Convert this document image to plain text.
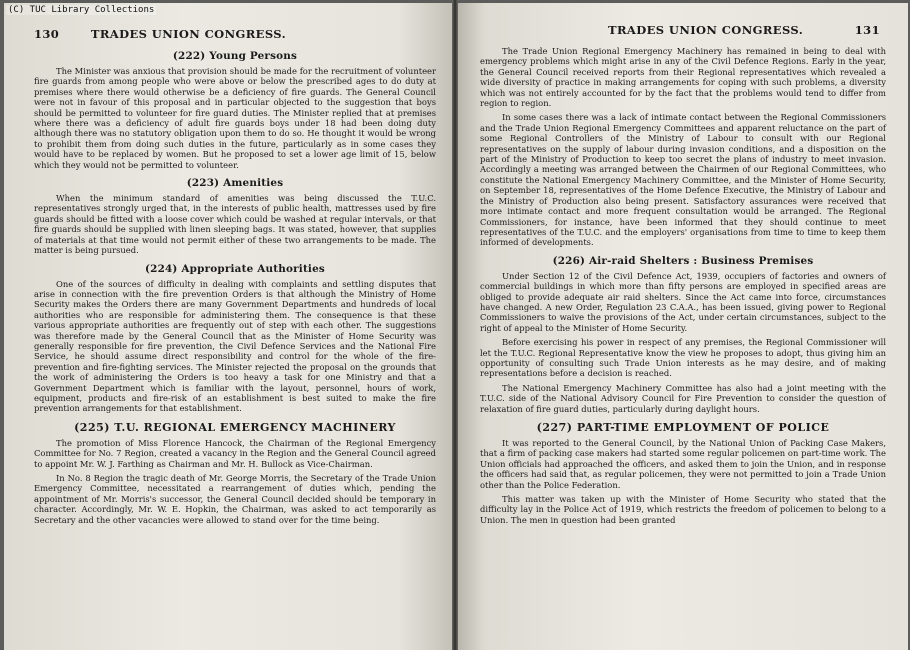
130	TRADES UNION CONGRESS.
(222) Young Persons

The Minister was anxious that provision should be made for the recruitment of volunteer fire guards from among people who were above or below the prescribed ages to do duty at premises where there would otherwise be a deficiency of fire guards. The General Council were not in favour of this proposal and in particular objected to the suggestion that boys should be permitted to volunteer for fire guard duties. The Minister replied that at premises where there was a deficiency of adult fire guards boys under 18 had been doing duty although there was no statutory obligation upon them to do so. He thought it would be wrong to prohibit them from doing such duties in the future, particularly as in some cases they would have to be replaced by women. But he proposed to set a lower age limit of 15, below which they would not be permitted to volunteer.

(223) Amenities

When the minimum standard of amenities was being discussed the T.U.C. representatives strongly urged that, in the interests of public health, mattresses used by fire guards should be fitted with a loose cover which could be washed at regular intervals, or that fire guards should be supplied with linen sleeping bags. It was stated, however, that supplies of materials at that time would not permit either of these two arrangements to be made. The matter is being pursued.

(224) Appropriate Authorities

One of the sources of difficulty in dealing with complaints and settling disputes that arise in connection with the fire prevention Orders is that although the Ministry of Home Security makes the Orders there are many Government Departments and hundreds of local authorities who are responsible for administering them. The consequence is that these various appropriate authorities are frequently out of step with each other. The suggestions was therefore made by the General Council that as the Minister of Home Security was generally responsible for fire prevention, the Civil Defence Services and the National Fire Service, he should assume direct responsibility and control for the whole of the fire-prevention and fire-fighting services. The Minister rejected the proposal on the grounds that the work of administering the Orders is too heavy a task for one Ministry and that a Government Department which is familiar with the layout, personnel, hours of work, equipment, products and fire-risk of an establishment is best suited to make the fire prevention arrangements for that establishment.

(225) T.U. REGIONAL EMERGENCY MACHINERY

The promotion of Miss Florence Hancock, the Chairman of the Regional Emergency Committee for No. 7 Region, created a vacancy in the Region and the General Council agreed to appoint Mr. W. J. Farthing as Chairman and Mr. H. Bullock as Vice-Chairman.

In No. 8 Region the tragic death of Mr. George Morris, the Secretary of the Trade Union Emergency Committee, necessitated a rearrangement of duties which, pending the appointment of Mr. Morris's successor, the General Council decided should be temporary in character. Accordingly, Mr. W. E. Hopkin, the Chairman, was asked to act temporarily as Secretary and the other vacancies were allowed to stand over for the time being.

TRADES UNION CONGRESS.	131

The Trade Union Regional Emergency Machinery has remained in being to deal with emergency problems which might arise in any of the Civil Defence Regions. Early in the year, the General Council received reports from their Regional representatives which revealed a wide diversity of practice in making arrangements for coping with such problems, a diversity which was not entirely accounted for by the fact that the problems would tend to differ from region to region.

In some cases there was a lack of intimate contact between the Regional Commissioners and the Trade Union Regional Emergency Committees and apparent reluctance on the part of some Regional Controllers of the Ministry of Labour to consult with our Regional representatives on the supply of labour during invasion conditions, and a disposition on the part of the Ministry of Production to keep too secret the plans of industry to meet invasion. Accordingly a meeting was arranged between the Chairmen of our Regional Committees, who constitute the National Emergency Machinery Committee, and the Minister of Home Security, on September 18, representatives of the Home Defence Executive, the Ministry of Labour and the Ministry of Production also being present. Satisfactory assurances were received that more intimate contact and more frequent consultation would be arranged. The Regional Commissioners, for instance, have been informed that they should continue to meet representatives of the T.U.C. and the employers' organisations from time to time to keep them informed of developments.

(226) Air-raid Shelters : Business Premises

Under Section 12 of the Civil Defence Act, 1939, occupiers of factories and owners of commercial buildings in which more than fifty persons are employed in specified areas are obliged to provide adequate air raid shelters. Since the Act came into force, circumstances have changed. A new Order, Regulation 23 C.A.A., has been issued, giving power to Regional Commissioners to waive the provisions of the Act, under certain circumstances, subject to the right of appeal to the Minister of Home Security.

Before exercising his power in respect of any premises, the Regional Commissioner will let the T.U.C. Regional Representative know the view he proposes to adopt, thus giving him an opportunity of consulting such Trade Union interests as he may desire, and of making representations before a decision is reached.

The National Emergency Machinery Committee has also had a joint meeting with the T.U.C. side of the National Advisory Council for Fire Prevention to consider the question of relaxation of fire guard duties, particularly during daylight hours.

(227) PART-TIME EMPLOYMENT OF POLICE

It was reported to the General Council, by the National Union of Packing Case Makers, that a firm of packing case makers had started some regular policemen on part-time work. The Union officials had approached the officers, and asked them to join the Union, and in response the officers had said that, as regular policemen, they were not permitted to join a Trade Union other than the Police Federation.

This matter was taken up with the Minister of Home Security who stated that the difficulty lay in the Police Act of 1919, which restricts the freedom of policemen to belong to a Union. The men in question had been granted

(C) TUC Library Collections
